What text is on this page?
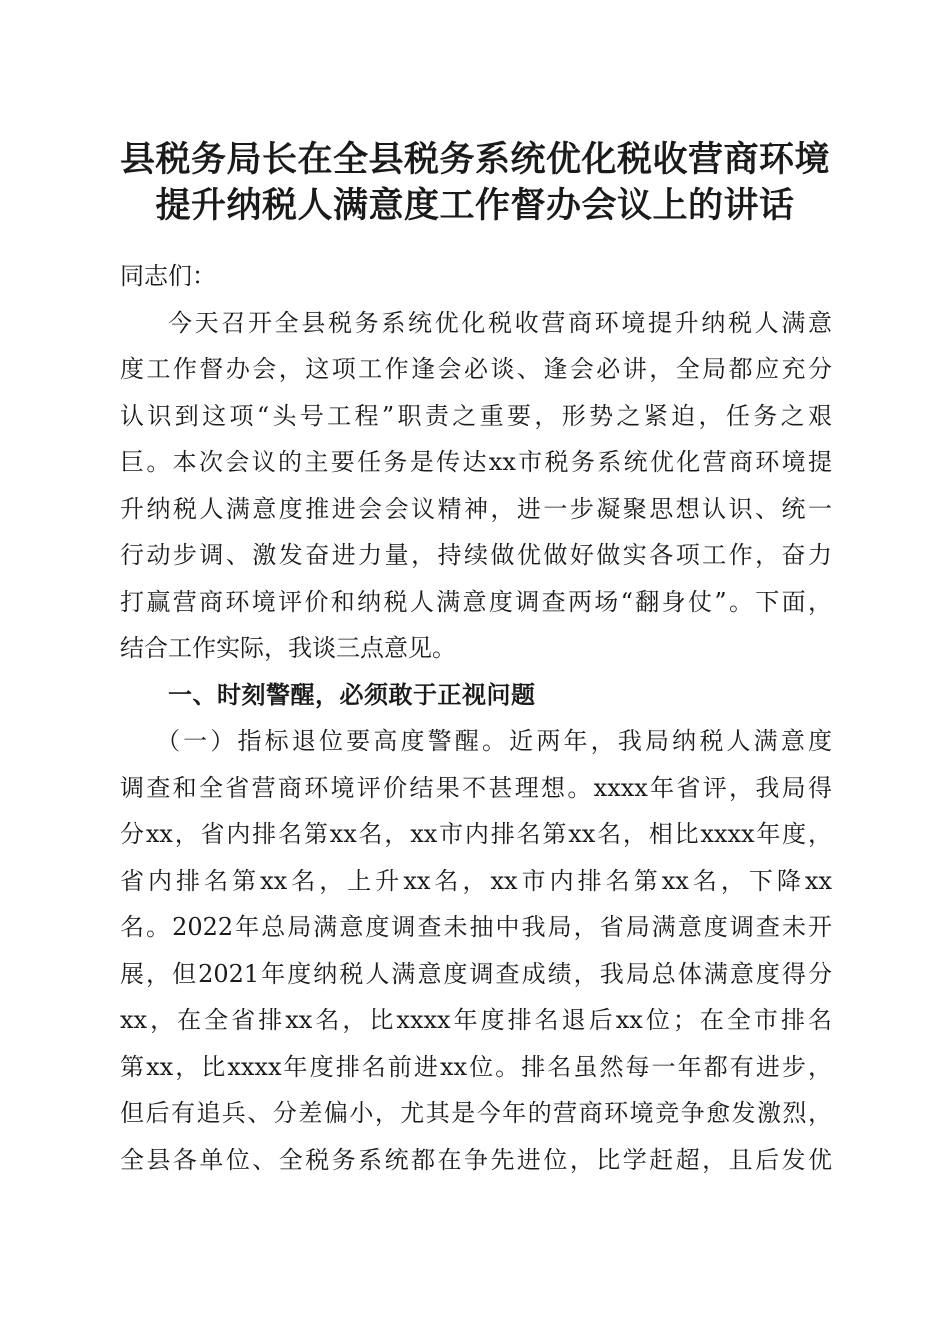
县税务局长在全县税务系统优化税收营商环境
提升纳税人满意度工作督办会议上的讲话
同志们：
今天召开全县税务系统优化税收营商环境提升纳税人满意
度工作督办会，这项工作逢会必谈、逢会必讲，全局都应充分
认识到这项“头号工程”职责之重要，形势之紧迫，任务之艰
巨。本次会议的主要任务是传达xx市税务系统优化营商环境提
升纳税人满意度推进会会议精神，进一步凝聚思想认识、统一
行动步调、激发奋进力量，持续做优做好做实各项工作，奋力
打赢营商环境评价和纳税人满意度调查两场“翻身仗”。下面，
结合工作实际，我谈三点意见。
一、时刻警醒，必须敢于正视问题
（一）指标退位要高度警醒。近两年，我局纳税人满意度
调查和全省营商环境评价结果不甚理想。xxxx年省评，我局得
分xx，省内排名第xx名，xx市内排名第xx名，相比xxxx年度，
省内排名第xx名，上升xx名，xx市内排名第xx名，下降xx
名。2022年总局满意度调查未抽中我局，省局满意度调查未开
展，但2021年度纳税人满意度调查成绩，我局总体满意度得分
xx，在全省排xx名，比xxxx年度排名退后xx位；在全市排名
第xx，比xxxx年度排名前进xx位。排名虽然每一年都有进步，
但后有追兵、分差偏小，尤其是今年的营商环境竞争愈发激烈，
全县各单位、全税务系统都在争先进位，比学赶超，且后发优
